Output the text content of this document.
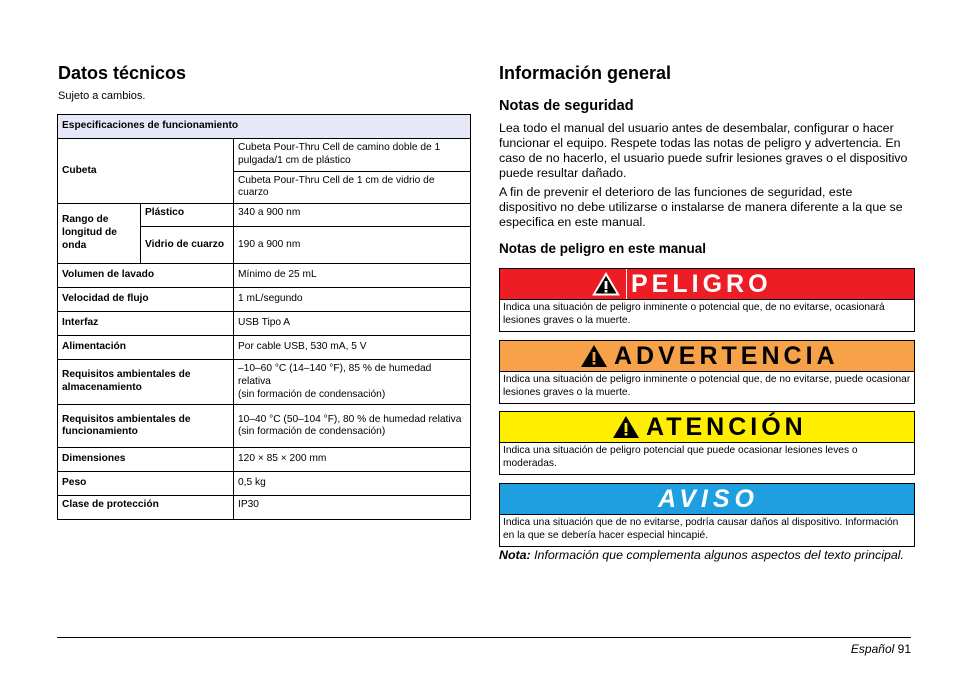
Datos técnicos
Sujeto a cambios.
Especificaciones de funcionamiento		
Cubeta		Cubeta Pour-Thru Cell de camino doble de 1 pulgada/1 cm de plástico
		Cubeta Pour-Thru Cell de 1 cm de vidrio de cuarzo
Rango de longitud de onda	Plástico	340 a 900 nm
	Vidrio de cuarzo	190 a 900 nm
Volumen de lavado		Mínimo de 25 mL
Velocidad de flujo		1 mL/segundo
Interfaz		USB Tipo A
Alimentación		Por cable USB, 530 mA, 5 V
Requisitos ambientales de almacenamiento		–10–60 °C (14–140 °F), 85 % de humedad relativa
(sin formación de condensación)
Requisitos ambientales de funcionamiento		10–40 °C (50–104 °F), 80 % de humedad relativa
(sin formación de condensación)
Dimensiones		120 × 85 × 200 mm
Peso		0,5 kg
Clase de protección		IP30
Información general
Notas de seguridad

Lea todo el manual del usuario antes de desembalar, configurar o hacer funcionar el equipo. Respete todas las notas de peligro y advertencia. En caso de no hacerlo, el usuario puede sufrir lesiones graves o el dispositivo puede resultar dañado.

A fin de prevenir el deterioro de las funciones de seguridad, este dispositivo no debe utilizarse o instalarse de manera diferente a la que se especifica en este manual.

Notas de peligro en este manual
PELIGRO
Indica una situación de peligro inminente o potencial que, de no evitarse, ocasionará lesiones graves o la muerte.
ADVERTENCIA
Indica una situación de peligro inminente o potencial que, de no evitarse, puede ocasionar lesiones graves o la muerte.
ATENCIÓN
Indica una situación de peligro potencial que puede ocasionar lesiones leves o moderadas.
AVISO
Indica una situación que de no evitarse, podría causar daños al dispositivo. Información en la que se debería hacer especial hincapié.

Nota: Información que complementa algunos aspectos del texto principal.

Español 91
